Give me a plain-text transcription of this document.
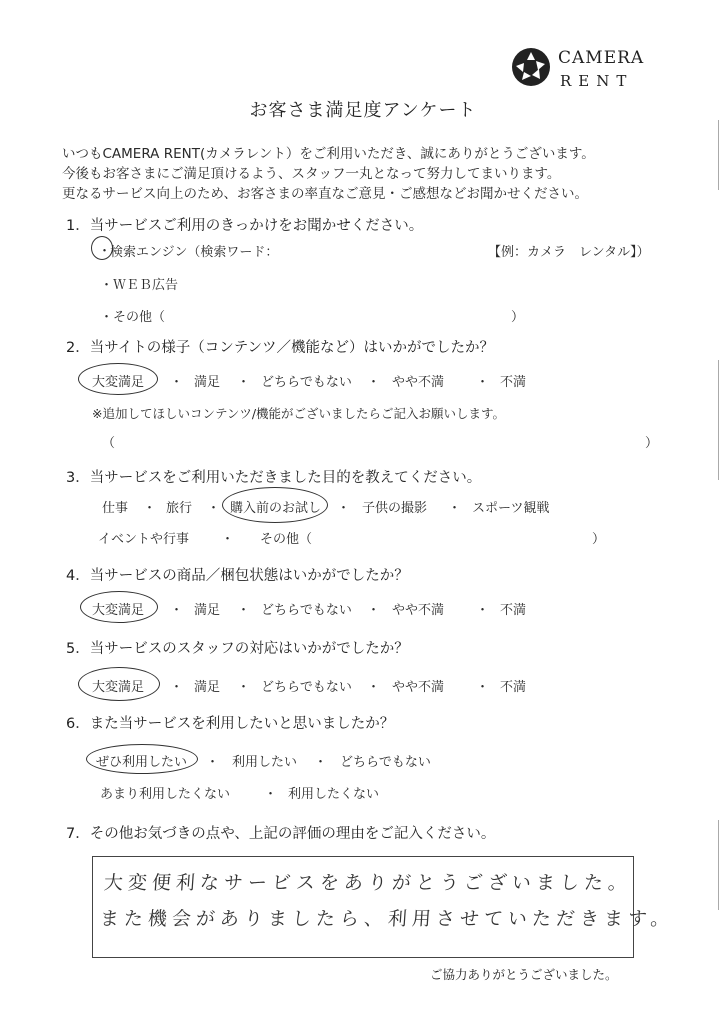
CAMERA
RENT
お客さま満足度アンケート
いつもCAMERA RENT(カメラレント）をご利用いただき、誠にありがとうございます。
今後もお客さまにご満足頂けるよう、スタッフ一丸となって努力してまいります。
更なるサービス向上のため、お客さまの率直なご意見・ご感想などお聞かせください。
1．当サービスご利用のきっかけをお聞かせください。
・
検索エンジン（検索ワード：	【例：カメラ　レンタル】）
・ＷＥＢ広告
・その他（	）
2．当サイトの様子（コンテンツ／機能など）はいかがでしたか？
大変満足 ・ 満足 ・ どちらでもない ・ やや不満 ・ 不満
※追加してほしいコンテンツ/機能がございましたらご記入お願いします。
（	）
3．当サービスをご利用いただきました目的を教えてください。
仕事 ・ 旅行 ・ 購入前のお試し ・ 子供の撮影 ・ スポーツ観戦
イベントや行事 ・ その他（	）
4．当サービスの商品／梱包状態はいかがでしたか？
大変満足 ・ 満足 ・ どちらでもない ・ やや不満 ・ 不満
5．当サービスのスタッフの対応はいかがでしたか？
大変満足 ・ 満足 ・ どちらでもない ・ やや不満 ・ 不満
6．また当サービスを利用したいと思いましたか？
ぜひ利用したい ・ 利用したい ・ どちらでもない
あまり利用したくない	・ 利用したくない
7．その他お気づきの点や、上記の評価の理由をご記入ください。
大変便利なサービスをありがとうございました。
また機会がありましたら、利用させていただきます。
ご協力ありがとうございました。
